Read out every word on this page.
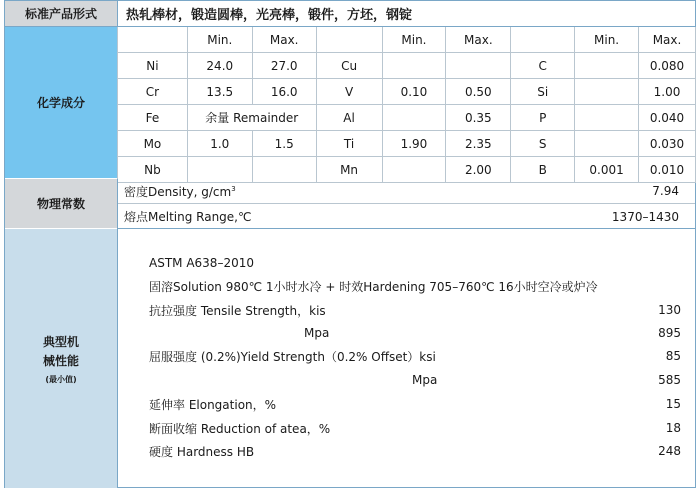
标准产品形式	热轧棒材，锻造圆棒，光亮棒，锻件，方坯，钢锭
化学成分
	Min.	Max.		Min.	Max.		Min.	Max.
Ni	24.0	27.0	Cu			C		0.080
Cr	13.5	16.0	V	0.10	0.50	Si		1.00
Fe	余量 Remainder		Al		0.35	P		0.040
Mo	1.0	1.5	Ti	1.90	2.35	S		0.030
Nb			Mn		2.00	B	0.001	0.010
物理常数
密度Density, $g/cm^3$	7.94
熔点Melting Range,℃	1370–1430
典型机
械性能
(最小值)
ASTM A638–2010
固溶Solution 980℃ 1小时水冷 + 时效Hardening 705–760℃ 16小时空冷或炉冷
抗拉强度 Tensile Strength，kis	130
Mpa	895
屈服强度 (0.2%)Yield Strength（0.2% Offset）ksi	85
Mpa	585
延伸率 Elongation，%	15
断面收缩 Reduction of atea，%	18
硬度 Hardness HB	248
